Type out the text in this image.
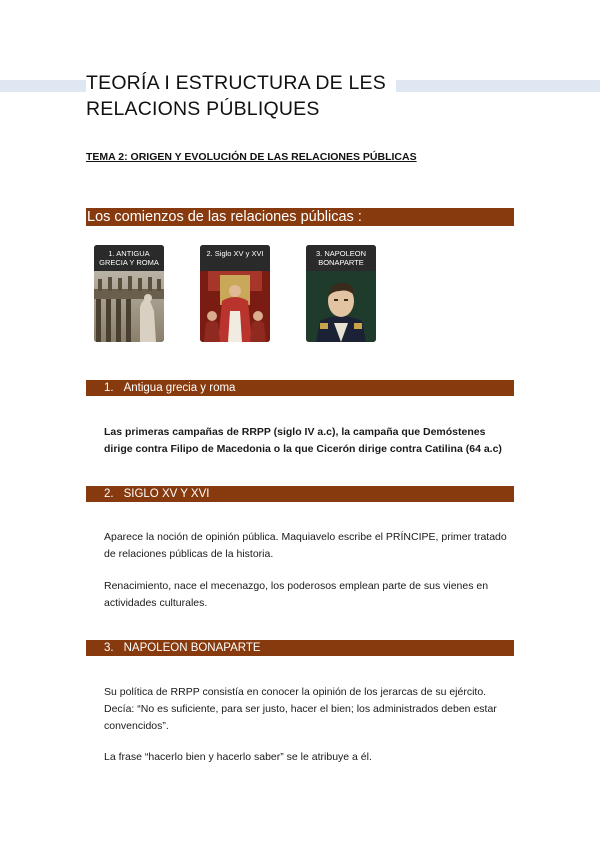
TEORÍA I ESTRUCTURA DE LES RELACIONS PÚBLIQUES
TEMA 2: ORIGEN Y EVOLUCIÓN DE LAS RELACIONES PÚBLICAS
Los comienzos de las relaciones públicas :
1. ANTIGUA GRECIA Y ROMA
2. Siglo XV y XVI	3. NAPOLEON BONAPARTE
1. Antigua grecia y roma
Las primeras campañas de RRPP (siglo IV a.c), la campaña que Demóstenes dirige contra Filipo de Macedonia o la que Cicerón dirige contra Catilina (64 a.c)
2. SIGLO XV Y XVI
Aparece la noción de opinión pública. Maquiavelo escribe el PRÍNCIPE, primer tratado de relaciones públicas de la historia.
Renacimiento, nace el mecenazgo, los poderosos emplean parte de sus vienes en actividades culturales.
3. NAPOLEON BONAPARTE
Su política de RRPP consistía en conocer la opinión de los jerarcas de su ejército. Decía: “No es suficiente, para ser justo, hacer el bien; los administrados deben estar convencidos”.
La frase “hacerlo bien y hacerlo saber” se le atribuye a él.
